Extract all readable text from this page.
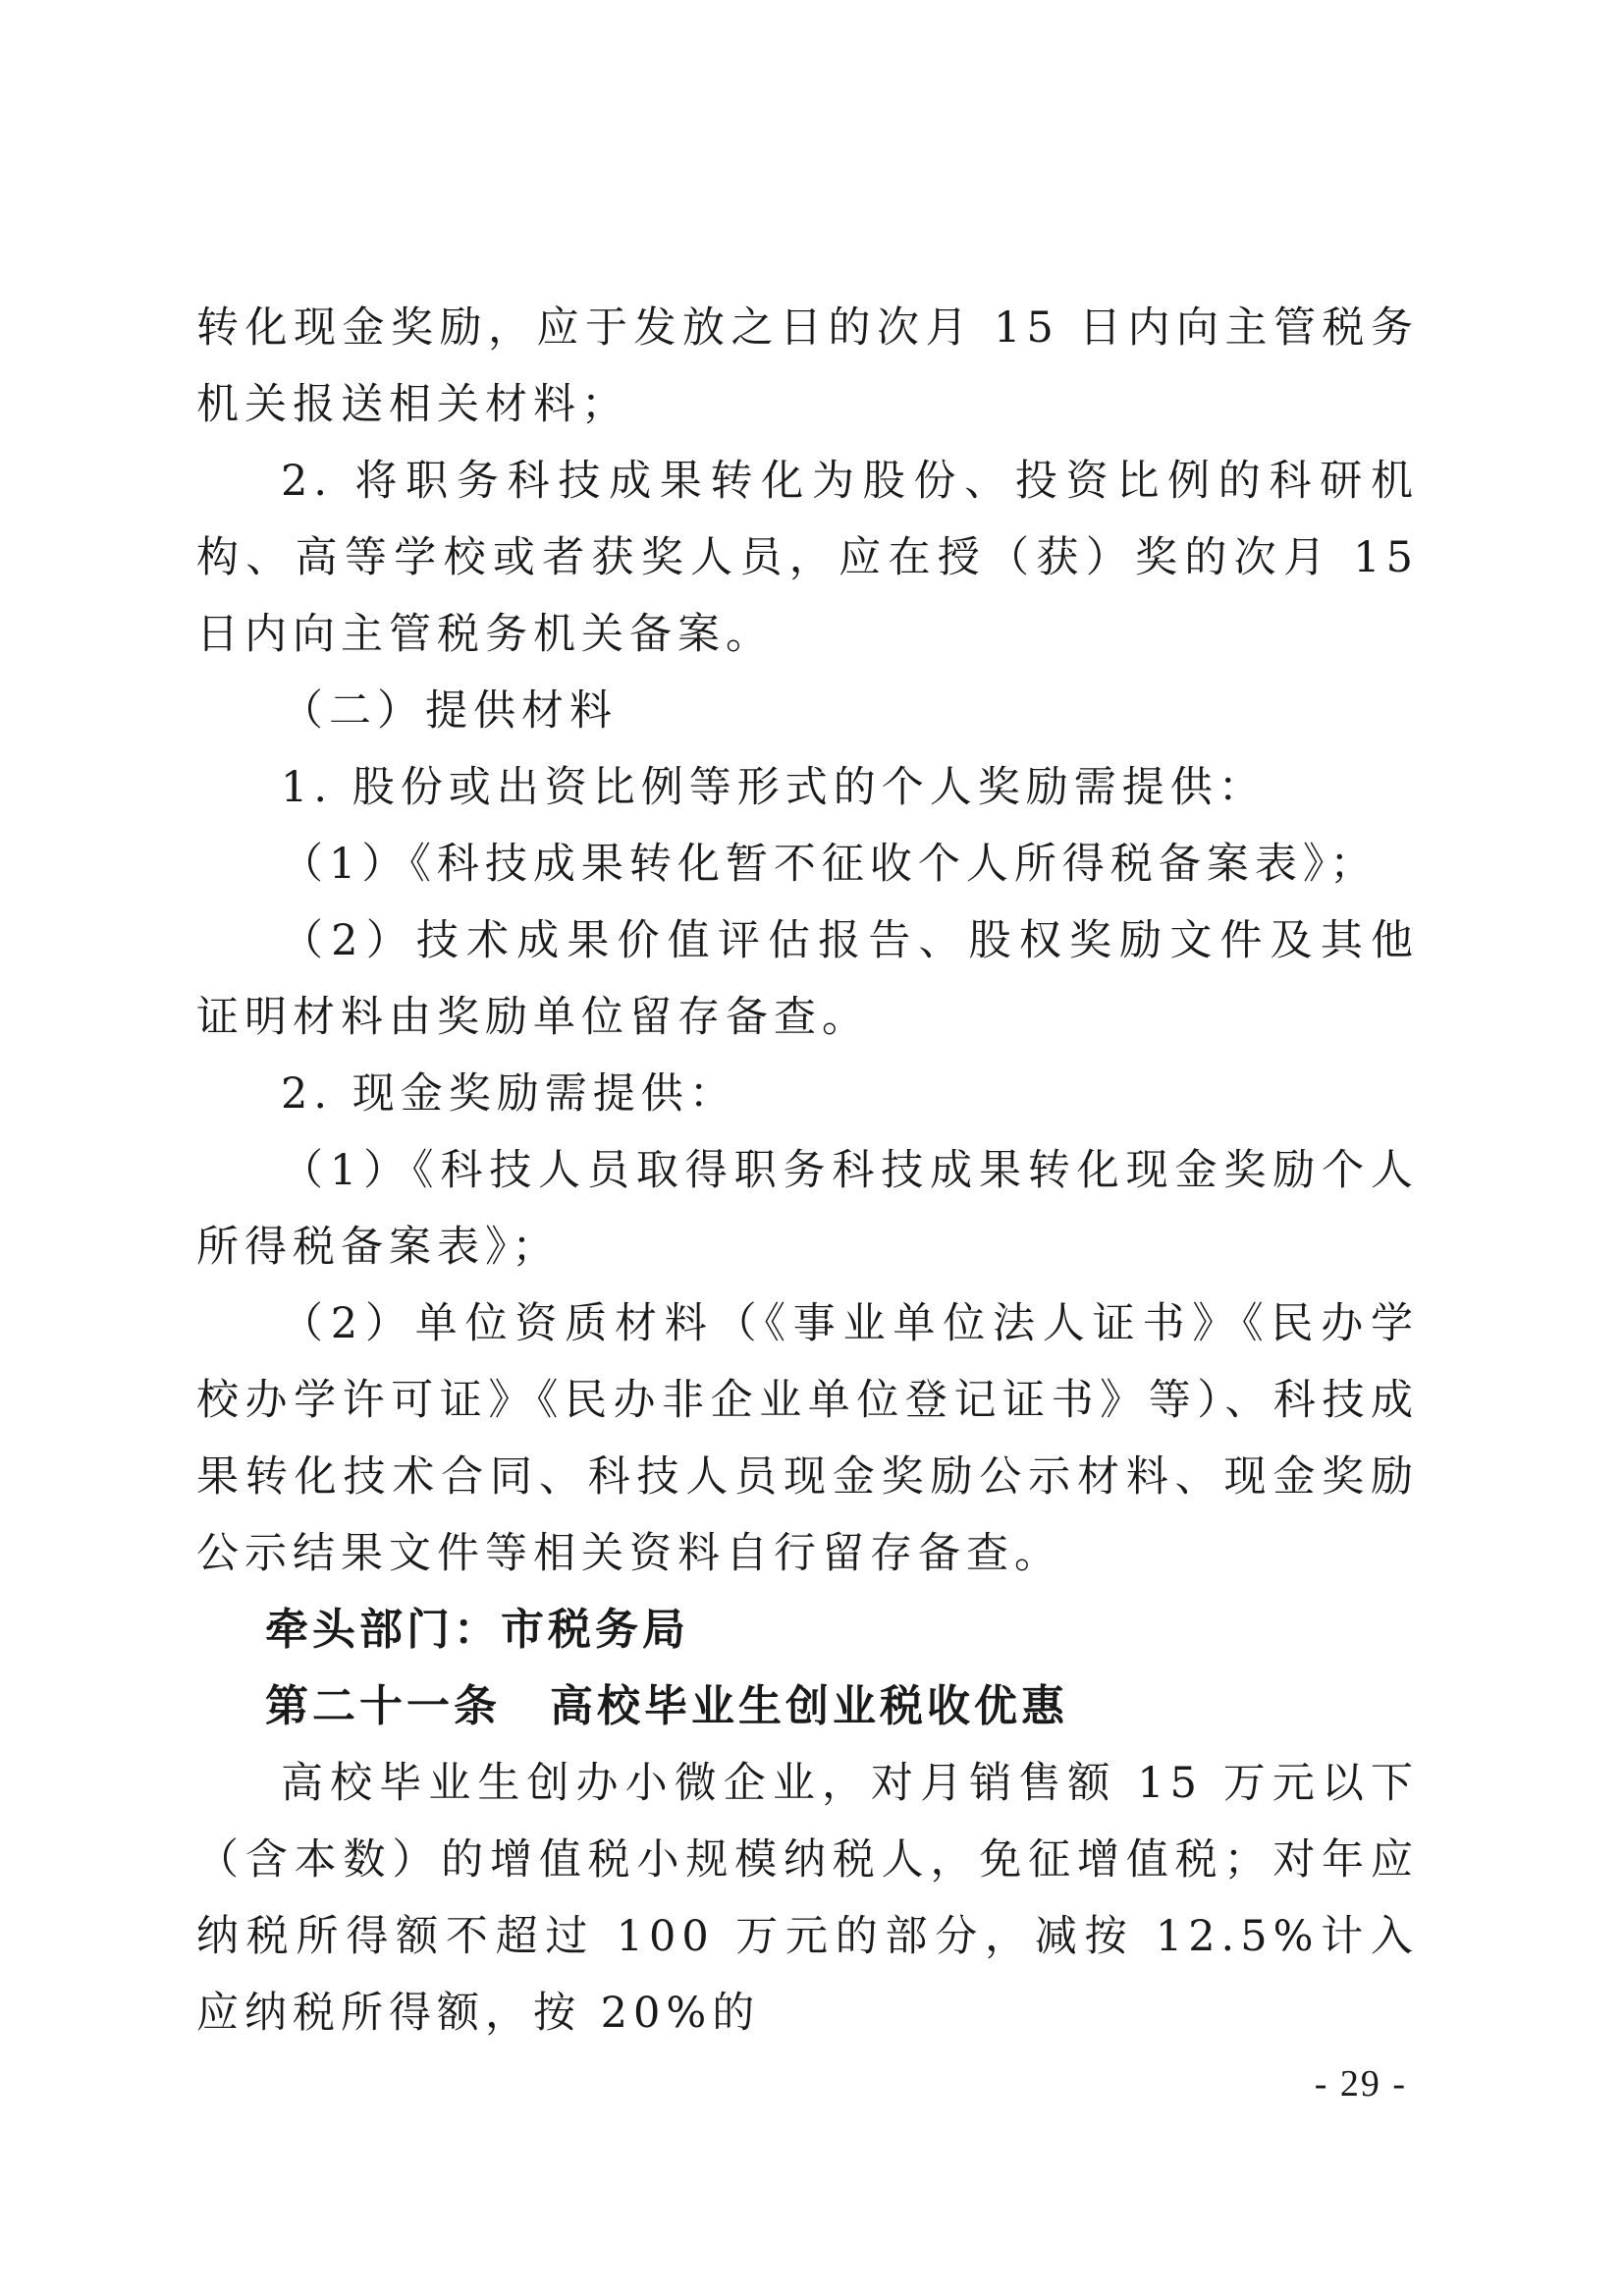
转化现金奖励，应于发放之日的次月 15 日内向主管税务机关报送相关材料；

2. 将职务科技成果转化为股份、投资比例的科研机构、高等学校或者获奖人员，应在授（获）奖的次月 15 日内向主管税务机关备案。

（二）提供材料

1. 股份或出资比例等形式的个人奖励需提供：

（1）《科技成果转化暂不征收个人所得税备案表》；

（2）技术成果价值评估报告、股权奖励文件及其他证明材料由奖励单位留存备查。

2. 现金奖励需提供：

（1）《科技人员取得职务科技成果转化现金奖励个人所得税备案表》；

（2）单位资质材料（《事业单位法人证书》《民办学校办学许可证》《民办非企业单位登记证书》等）、科技成果转化技术合同、科技人员现金奖励公示材料、现金奖励公示结果文件等相关资料自行留存备查。

牵头部门：市税务局

第二十一条 高校毕业生创业税收优惠

高校毕业生创办小微企业，对月销售额 15 万元以下（含本数）的增值税小规模纳税人，免征增值税；对年应纳税所得额不超过 100 万元的部分，减按 12.5%计入应纳税所得额，按 20%的

- 29 -
